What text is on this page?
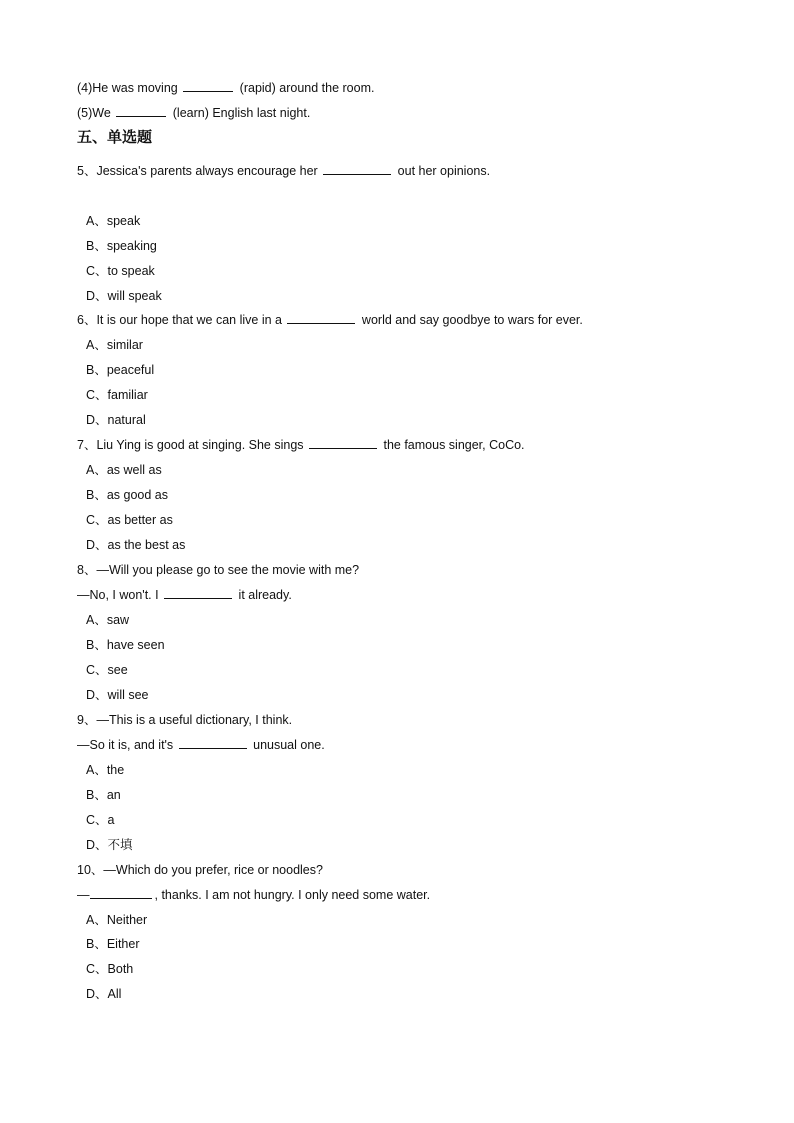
(4)He was moving	(rapid) around the room.
(5)We	(learn) English last night.
五、单选题
5、Jessica's parents always encourage her	out her opinions.
A、speak
B、speaking
C、to speak
D、will speak
6、It is our hope that we can live in a	world and say goodbye to wars for ever.
A、similar
B、peaceful
C、familiar
D、natural
7、Liu Ying is good at singing. She sings	the famous singer, CoCo.
A、as well as
B、as good as
C、as better as
D、as the best as
8、—Will you please go to see the movie with me?
—No, I won't. I	it already.
A、saw
B、have seen
C、see
D、will see
9、—This is a useful dictionary, I think.
—So it is, and it's	unusual one.
A、the
B、an
C、a
D、不填
10、—Which do you prefer, rice or noodles?
—	, thanks. I am not hungry. I only need some water.
A、Neither
B、Either
C、Both
D、All
